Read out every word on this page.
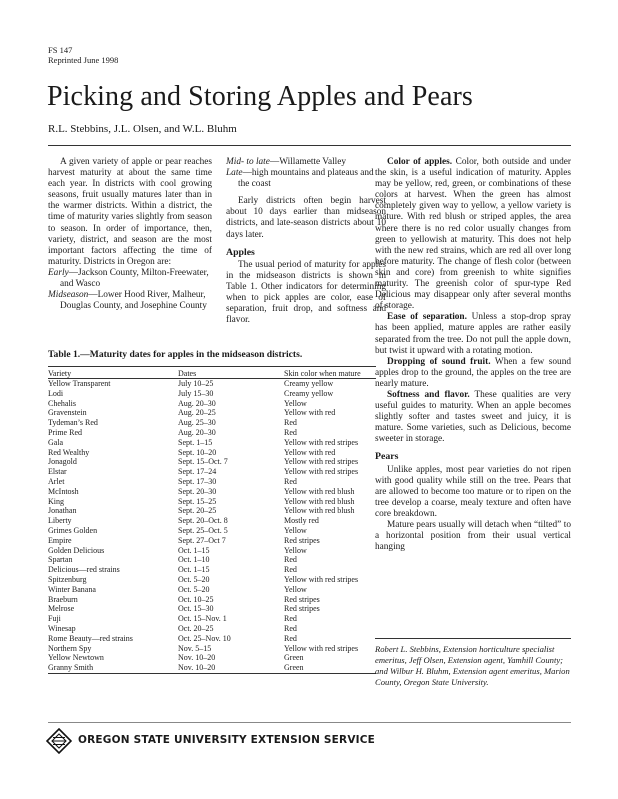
FS 147
Reprinted June 1998
Picking and Storing Apples and Pears
R.L. Stebbins, J.L. Olsen, and W.L. Bluhm

A given variety of apple or pear reaches harvest maturity at about the same time each year. In districts with cool growing seasons, fruit usually matures later than in the warmer districts. Within a district, the time of maturity varies slightly from season to season. In order of importance, then, variety, district, and season are the most important factors affecting the time of maturity. Districts in Oregon are:

Early—Jackson County, Milton-Freewater, and Wasco

Midseason—Lower Hood River, Malheur, Douglas County, and Josephine County

Mid- to late—Willamette Valley

Late—high mountains and plateaus and the coast

Early districts often begin harvest about 10 days earlier than midseason districts, and late-season districts about 10 days later.

Apples

The usual period of maturity for apples in the midseason districts is shown in Table 1. Other indicators for determining when to pick apples are color, ease of separation, fruit drop, and softness and flavor.

Color of apples. Color, both outside and under the skin, is a useful indication of maturity. Apples may be yellow, red, green, or combinations of these colors at harvest. When the green has almost completely given way to yellow, a yellow variety is mature. With red blush or striped apples, the area where there is no red color usually changes from green to yellowish at maturity. This does not help with the new red strains, which are red all over long before maturity. The change of flesh color (between skin and core) from greenish to white signifies maturity. The greenish color of spur-type Red Delicious may disappear only after several months of storage.

Ease of separation. Unless a stop-drop spray has been applied, mature apples are rather easily separated from the tree. Do not pull the apple down, but twist it upward with a rotating motion.

Dropping of sound fruit. When a few sound apples drop to the ground, the apples on the tree are nearly mature.

Softness and flavor. These qualities are very useful guides to maturity. When an apple becomes slightly softer and tastes sweet and juicy, it is mature. Some varieties, such as Delicious, become sweeter in storage.

Pears

Unlike apples, most pear varieties do not ripen with good quality while still on the tree. Pears that are allowed to become too mature or to ripen on the tree develop a coarse, mealy texture and often have core breakdown.

Mature pears usually will detach when “tilted” to a horizontal position from their usual vertical hanging

Table 1.—Maturity dates for apples in the midseason districts.
Variety	Dates	Skin color when mature
Yellow Transparent	July 10–25	Creamy yellow
Lodi	July 15–30	Creamy yellow
Chehalis	Aug. 20–30	Yellow
Gravenstein	Aug. 20–25	Yellow with red
Tydeman’s Red	Aug. 25–30	Red
Prime Red	Aug. 20–30	Red
Gala	Sept. 1–15	Yellow with red stripes
Red Wealthy	Sept. 10–20	Yellow with red
Jonagold	Sept. 15–Oct. 7	Yellow with red stripes
Elstar	Sept. 17–24	Yellow with red stripes
Arlet	Sept. 17–30	Red
McIntosh	Sept. 20–30	Yellow with red blush
King	Sept. 15–25	Yellow with red blush
Jonathan	Sept. 20–25	Yellow with red blush
Liberty	Sept. 20–Oct. 8	Mostly red
Grimes Golden	Sept. 25–Oct. 5	Yellow
Empire	Sept. 27–Oct 7	Red stripes
Golden Delicious	Oct. 1–15	Yellow
Spartan	Oct. 1–10	Red
Delicious—red strains	Oct. 1–15	Red
Spitzenburg	Oct. 5–20	Yellow with red stripes
Winter Banana	Oct. 5–20	Yellow
Braeburn	Oct. 10–25	Red stripes
Melrose	Oct. 15–30	Red stripes
Fuji	Oct. 15–Nov. 1	Red
Winesap	Oct. 20–25	Red
Rome Beauty—red strains	Oct. 25–Nov. 10	Red
Northern Spy	Nov. 5–15	Yellow with red stripes
Yellow Newtown	Nov. 10–20	Green
Granny Smith	Nov. 10–20	Green
Robert L. Stebbins, Extension horticulture specialist emeritus, Jeff Olsen, Extension agent, Yamhill County; and Wilbur H. Bluhm, Extension agent emeritus, Marion County, Oregon State University.
OREGON STATE UNIVERSITY EXTENSION SERVICE
